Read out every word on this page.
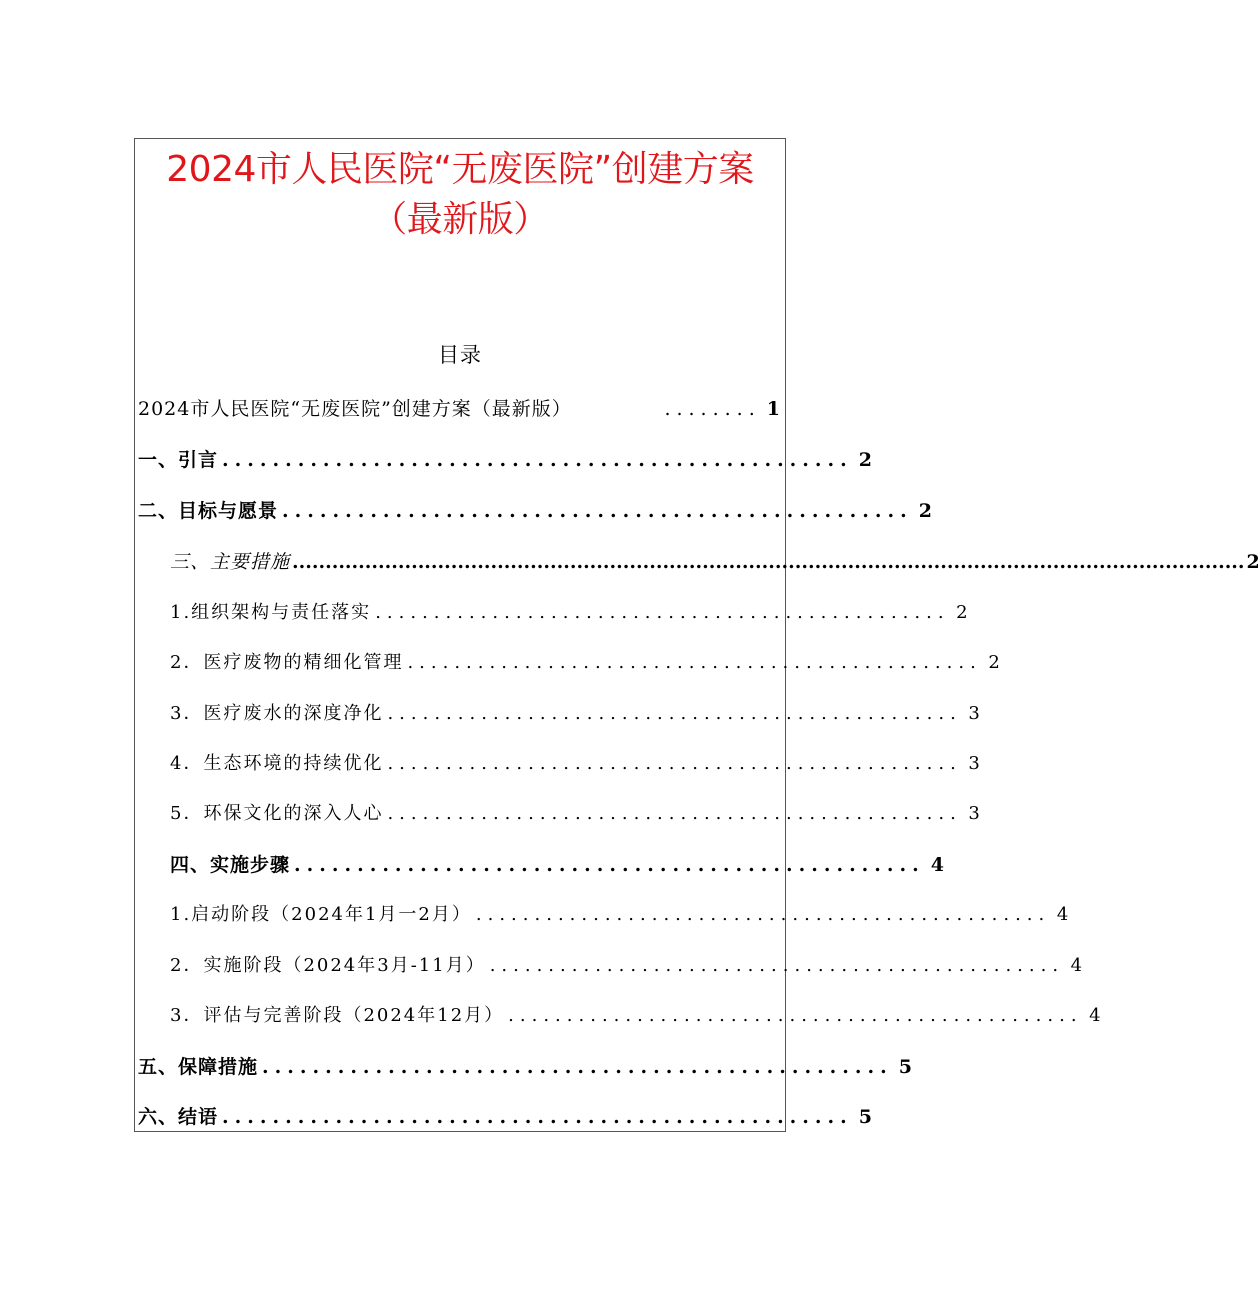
2024市人民医院“无废医院”创建方案
（最新版）
目录
2024市人民医院“无废医院”创建方案（最新版）	........ 1
一、引言 .................................................. 2
二、目标与愿景 .................................................. 2
三、主要措施 ................................................................................................................................................ 2
1.组织架构与责任落实 ................................................. 2
2．医疗废物的精细化管理 ................................................. 2
3．医疗废水的深度净化 ................................................. 3
4．生态环境的持续优化 ................................................. 3
5．环保文化的深入人心 ................................................. 3
四、实施步骤 .................................................. 4
1.启动阶段（2024年1月一2月） ................................................. 4
2．实施阶段（2024年3月-11月） ................................................. 4
3．评估与完善阶段（2024年12月） ................................................. 4
五、保障措施 .................................................. 5
六、结语 .................................................. 5
